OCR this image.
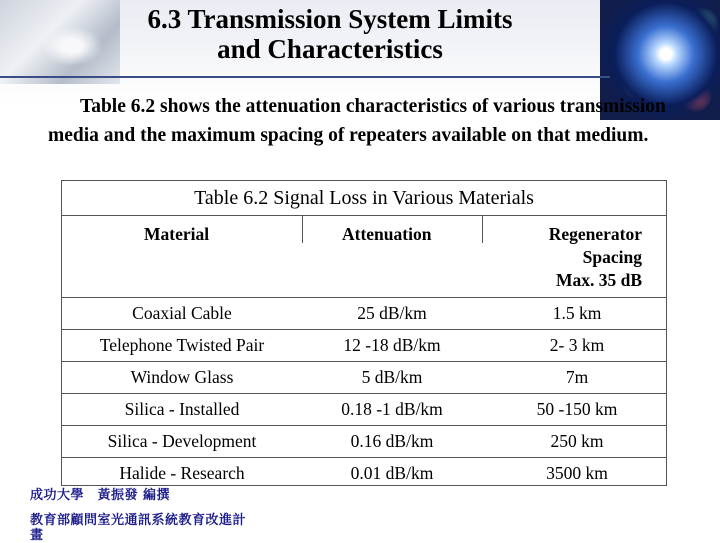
6.3 Transmission System Limits
and Characteristics
Table 6.2 shows the attenuation characteristics of various transmission media and the maximum spacing of repeaters available on that medium.
Table 6.2 Signal Loss in Various Materials
Material	Attenuation	Regenerator
Spacing
Max. 35 dB
Coaxial Cable	25 dB/km	1.5 km
Telephone Twisted Pair	12 -18 dB/km	2- 3 km
Window Glass	5 dB/km	7m
Silica - Installed	0.18 -1 dB/km	50 -150 km
Silica - Development	0.16 dB/km	250 km
Halide - Research	0.01 dB/km	3500 km
成功大學　黃振發 編撰
教育部顧問室光通訊系統教育改進計
畫
